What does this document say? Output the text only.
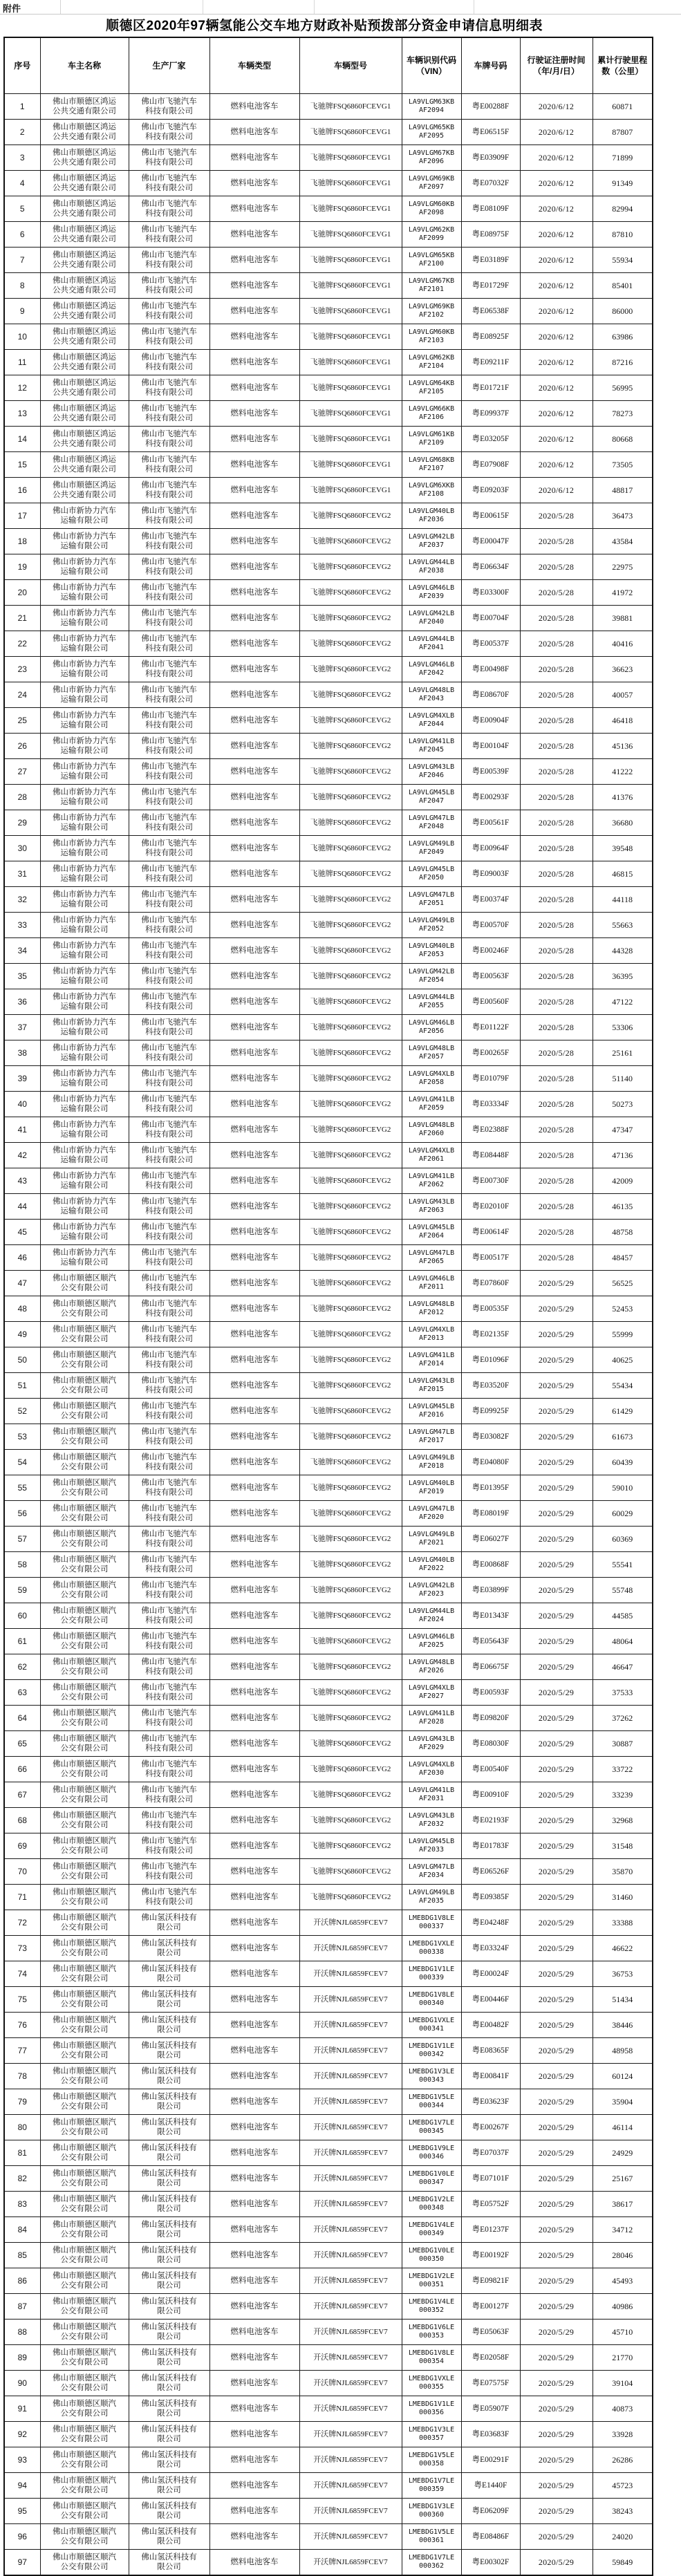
附件
顺德区2020年97辆氢能公交车地方财政补贴预拨部分资金申请信息明细表
序号	车主名称	生产厂家	车辆类型	车辆型号	车辆识别代码（VIN）	车牌号码	行驶证注册时间（年/月/日）	累计行驶里程数（公里）
1	佛山市顺德区鸿运公共交通有限公司	佛山市飞驰汽车科技有限公司	燃料电池客车	飞驰牌FSQ6860FCEVG1	LA9VLGM63KBAF2094	粤E00288F	2020/6/12	60871
2	佛山市顺德区鸿运公共交通有限公司	佛山市飞驰汽车科技有限公司	燃料电池客车	飞驰牌FSQ6860FCEVG1	LA9VLGM65KBAF2095	粤E06515F	2020/6/12	87807
3	佛山市顺德区鸿运公共交通有限公司	佛山市飞驰汽车科技有限公司	燃料电池客车	飞驰牌FSQ6860FCEVG1	LA9VLGM67KBAF2096	粤E03909F	2020/6/12	71899
4	佛山市顺德区鸿运公共交通有限公司	佛山市飞驰汽车科技有限公司	燃料电池客车	飞驰牌FSQ6860FCEVG1	LA9VLGM69KBAF2097	粤E07032F	2020/6/12	91349
5	佛山市顺德区鸿运公共交通有限公司	佛山市飞驰汽车科技有限公司	燃料电池客车	飞驰牌FSQ6860FCEVG1	LA9VLGM60KBAF2098	粤E08109F	2020/6/12	82994
6	佛山市顺德区鸿运公共交通有限公司	佛山市飞驰汽车科技有限公司	燃料电池客车	飞驰牌FSQ6860FCEVG1	LA9VLGM62KBAF2099	粤E08975F	2020/6/12	87810
7	佛山市顺德区鸿运公共交通有限公司	佛山市飞驰汽车科技有限公司	燃料电池客车	飞驰牌FSQ6860FCEVG1	LA9VLGM65KBAF2100	粤E03189F	2020/6/12	55934
8	佛山市顺德区鸿运公共交通有限公司	佛山市飞驰汽车科技有限公司	燃料电池客车	飞驰牌FSQ6860FCEVG1	LA9VLGM67KBAF2101	粤E01729F	2020/6/12	85401
9	佛山市顺德区鸿运公共交通有限公司	佛山市飞驰汽车科技有限公司	燃料电池客车	飞驰牌FSQ6860FCEVG1	LA9VLGM69KBAF2102	粤E06538F	2020/6/12	86000
10	佛山市顺德区鸿运公共交通有限公司	佛山市飞驰汽车科技有限公司	燃料电池客车	飞驰牌FSQ6860FCEVG1	LA9VLGM60KBAF2103	粤E08925F	2020/6/12	63986
11	佛山市顺德区鸿运公共交通有限公司	佛山市飞驰汽车科技有限公司	燃料电池客车	飞驰牌FSQ6860FCEVG1	LA9VLGM62KBAF2104	粤E09211F	2020/6/12	87216
12	佛山市顺德区鸿运公共交通有限公司	佛山市飞驰汽车科技有限公司	燃料电池客车	飞驰牌FSQ6860FCEVG1	LA9VLGM64KBAF2105	粤E01721F	2020/6/12	56995
13	佛山市顺德区鸿运公共交通有限公司	佛山市飞驰汽车科技有限公司	燃料电池客车	飞驰牌FSQ6860FCEVG1	LA9VLGM66KBAF2106	粤E09937F	2020/6/12	78273
14	佛山市顺德区鸿运公共交通有限公司	佛山市飞驰汽车科技有限公司	燃料电池客车	飞驰牌FSQ6860FCEVG1	LA9VLGM61KBAF2109	粤E03205F	2020/6/12	80668
15	佛山市顺德区鸿运公共交通有限公司	佛山市飞驰汽车科技有限公司	燃料电池客车	飞驰牌FSQ6860FCEVG1	LA9VLGM68KBAF2107	粤E07908F	2020/6/12	73505
16	佛山市顺德区鸿运公共交通有限公司	佛山市飞驰汽车科技有限公司	燃料电池客车	飞驰牌FSQ6860FCEVG1	LA9VLGM6XKBAF2108	粤E09203F	2020/6/12	48817
17	佛山市新协力汽车运输有限公司	佛山市飞驰汽车科技有限公司	燃料电池客车	飞驰牌FSQ6860FCEVG2	LA9VLGM40LBAF2036	粤E00615F	2020/5/28	36473
18	佛山市新协力汽车运输有限公司	佛山市飞驰汽车科技有限公司	燃料电池客车	飞驰牌FSQ6860FCEVG2	LA9VLGM42LBAF2037	粤E00047F	2020/5/28	43584
19	佛山市新协力汽车运输有限公司	佛山市飞驰汽车科技有限公司	燃料电池客车	飞驰牌FSQ6860FCEVG2	LA9VLGM44LBAF2038	粤E06634F	2020/5/28	22975
20	佛山市新协力汽车运输有限公司	佛山市飞驰汽车科技有限公司	燃料电池客车	飞驰牌FSQ6860FCEVG2	LA9VLGM46LBAF2039	粤E03300F	2020/5/28	41972
21	佛山市新协力汽车运输有限公司	佛山市飞驰汽车科技有限公司	燃料电池客车	飞驰牌FSQ6860FCEVG2	LA9VLGM42LBAF2040	粤E00704F	2020/5/28	39881
22	佛山市新协力汽车运输有限公司	佛山市飞驰汽车科技有限公司	燃料电池客车	飞驰牌FSQ6860FCEVG2	LA9VLGM44LBAF2041	粤E00537F	2020/5/28	40416
23	佛山市新协力汽车运输有限公司	佛山市飞驰汽车科技有限公司	燃料电池客车	飞驰牌FSQ6860FCEVG2	LA9VLGM46LBAF2042	粤E00498F	2020/5/28	36623
24	佛山市新协力汽车运输有限公司	佛山市飞驰汽车科技有限公司	燃料电池客车	飞驰牌FSQ6860FCEVG2	LA9VLGM48LBAF2043	粤E08670F	2020/5/28	40057
25	佛山市新协力汽车运输有限公司	佛山市飞驰汽车科技有限公司	燃料电池客车	飞驰牌FSQ6860FCEVG2	LA9VLGM4XLBAF2044	粤E00904F	2020/5/28	46418
26	佛山市新协力汽车运输有限公司	佛山市飞驰汽车科技有限公司	燃料电池客车	飞驰牌FSQ6860FCEVG2	LA9VLGM41LBAF2045	粤E00104F	2020/5/28	45136
27	佛山市新协力汽车运输有限公司	佛山市飞驰汽车科技有限公司	燃料电池客车	飞驰牌FSQ6860FCEVG2	LA9VLGM43LBAF2046	粤E00539F	2020/5/28	41222
28	佛山市新协力汽车运输有限公司	佛山市飞驰汽车科技有限公司	燃料电池客车	飞驰牌FSQ6860FCEVG2	LA9VLGM45LBAF2047	粤E00293F	2020/5/28	41376
29	佛山市新协力汽车运输有限公司	佛山市飞驰汽车科技有限公司	燃料电池客车	飞驰牌FSQ6860FCEVG2	LA9VLGM47LBAF2048	粤E00561F	2020/5/28	36680
30	佛山市新协力汽车运输有限公司	佛山市飞驰汽车科技有限公司	燃料电池客车	飞驰牌FSQ6860FCEVG2	LA9VLGM49LBAF2049	粤E00964F	2020/5/28	39548
31	佛山市新协力汽车运输有限公司	佛山市飞驰汽车科技有限公司	燃料电池客车	飞驰牌FSQ6860FCEVG2	LA9VLGM45LBAF2050	粤E09003F	2020/5/28	46815
32	佛山市新协力汽车运输有限公司	佛山市飞驰汽车科技有限公司	燃料电池客车	飞驰牌FSQ6860FCEVG2	LA9VLGM47LBAF2051	粤E00374F	2020/5/28	44118
33	佛山市新协力汽车运输有限公司	佛山市飞驰汽车科技有限公司	燃料电池客车	飞驰牌FSQ6860FCEVG2	LA9VLGM49LBAF2052	粤E00570F	2020/5/28	55663
34	佛山市新协力汽车运输有限公司	佛山市飞驰汽车科技有限公司	燃料电池客车	飞驰牌FSQ6860FCEVG2	LA9VLGM40LBAF2053	粤E00246F	2020/5/28	44328
35	佛山市新协力汽车运输有限公司	佛山市飞驰汽车科技有限公司	燃料电池客车	飞驰牌FSQ6860FCEVG2	LA9VLGM42LBAF2054	粤E00563F	2020/5/28	36395
36	佛山市新协力汽车运输有限公司	佛山市飞驰汽车科技有限公司	燃料电池客车	飞驰牌FSQ6860FCEVG2	LA9VLGM44LBAF2055	粤E00560F	2020/5/28	47122
37	佛山市新协力汽车运输有限公司	佛山市飞驰汽车科技有限公司	燃料电池客车	飞驰牌FSQ6860FCEVG2	LA9VLGM46LBAF2056	粤E01122F	2020/5/28	53306
38	佛山市新协力汽车运输有限公司	佛山市飞驰汽车科技有限公司	燃料电池客车	飞驰牌FSQ6860FCEVG2	LA9VLGM48LBAF2057	粤E00265F	2020/5/28	25161
39	佛山市新协力汽车运输有限公司	佛山市飞驰汽车科技有限公司	燃料电池客车	飞驰牌FSQ6860FCEVG2	LA9VLGM4XLBAF2058	粤E01079F	2020/5/28	51140
40	佛山市新协力汽车运输有限公司	佛山市飞驰汽车科技有限公司	燃料电池客车	飞驰牌FSQ6860FCEVG2	LA9VLGM41LBAF2059	粤E03334F	2020/5/28	50273
41	佛山市新协力汽车运输有限公司	佛山市飞驰汽车科技有限公司	燃料电池客车	飞驰牌FSQ6860FCEVG2	LA9VLGM48LBAF2060	粤E02388F	2020/5/28	47347
42	佛山市新协力汽车运输有限公司	佛山市飞驰汽车科技有限公司	燃料电池客车	飞驰牌FSQ6860FCEVG2	LA9VLGM4XLBAF2061	粤E08448F	2020/5/28	47136
43	佛山市新协力汽车运输有限公司	佛山市飞驰汽车科技有限公司	燃料电池客车	飞驰牌FSQ6860FCEVG2	LA9VLGM41LBAF2062	粤E00730F	2020/5/28	42009
44	佛山市新协力汽车运输有限公司	佛山市飞驰汽车科技有限公司	燃料电池客车	飞驰牌FSQ6860FCEVG2	LA9VLGM43LBAF2063	粤E02010F	2020/5/28	46135
45	佛山市新协力汽车运输有限公司	佛山市飞驰汽车科技有限公司	燃料电池客车	飞驰牌FSQ6860FCEVG2	LA9VLGM45LBAF2064	粤E00614F	2020/5/28	48758
46	佛山市新协力汽车运输有限公司	佛山市飞驰汽车科技有限公司	燃料电池客车	飞驰牌FSQ6860FCEVG2	LA9VLGM47LBAF2065	粤E00517F	2020/5/28	48457
47	佛山市顺德区顺汽公交有限公司	佛山市飞驰汽车科技有限公司	燃料电池客车	飞驰牌FSQ6860FCEVG2	LA9VLGM46LBAF2011	粤E07860F	2020/5/29	56525
48	佛山市顺德区顺汽公交有限公司	佛山市飞驰汽车科技有限公司	燃料电池客车	飞驰牌FSQ6860FCEVG2	LA9VLGM48LBAF2012	粤E00535F	2020/5/29	52453
49	佛山市顺德区顺汽公交有限公司	佛山市飞驰汽车科技有限公司	燃料电池客车	飞驰牌FSQ6860FCEVG2	LA9VLGM4XLBAF2013	粤E02135F	2020/5/29	55999
50	佛山市顺德区顺汽公交有限公司	佛山市飞驰汽车科技有限公司	燃料电池客车	飞驰牌FSQ6860FCEVG2	LA9VLGM41LBAF2014	粤E01096F	2020/5/29	40625
51	佛山市顺德区顺汽公交有限公司	佛山市飞驰汽车科技有限公司	燃料电池客车	飞驰牌FSQ6860FCEVG2	LA9VLGM43LBAF2015	粤E03520F	2020/5/29	55434
52	佛山市顺德区顺汽公交有限公司	佛山市飞驰汽车科技有限公司	燃料电池客车	飞驰牌FSQ6860FCEVG2	LA9VLGM45LBAF2016	粤E09925F	2020/5/29	61429
53	佛山市顺德区顺汽公交有限公司	佛山市飞驰汽车科技有限公司	燃料电池客车	飞驰牌FSQ6860FCEVG2	LA9VLGM47LBAF2017	粤E03082F	2020/5/29	61673
54	佛山市顺德区顺汽公交有限公司	佛山市飞驰汽车科技有限公司	燃料电池客车	飞驰牌FSQ6860FCEVG2	LA9VLGM49LBAF2018	粤E04080F	2020/5/29	60439
55	佛山市顺德区顺汽公交有限公司	佛山市飞驰汽车科技有限公司	燃料电池客车	飞驰牌FSQ6860FCEVG2	LA9VLGM40LBAF2019	粤E01395F	2020/5/29	59010
56	佛山市顺德区顺汽公交有限公司	佛山市飞驰汽车科技有限公司	燃料电池客车	飞驰牌FSQ6860FCEVG2	LA9VLGM47LBAF2020	粤E08019F	2020/5/29	60029
57	佛山市顺德区顺汽公交有限公司	佛山市飞驰汽车科技有限公司	燃料电池客车	飞驰牌FSQ6860FCEVG2	LA9VLGM49LBAF2021	粤E06027F	2020/5/29	60369
58	佛山市顺德区顺汽公交有限公司	佛山市飞驰汽车科技有限公司	燃料电池客车	飞驰牌FSQ6860FCEVG2	LA9VLGM40LBAF2022	粤E00868F	2020/5/29	55541
59	佛山市顺德区顺汽公交有限公司	佛山市飞驰汽车科技有限公司	燃料电池客车	飞驰牌FSQ6860FCEVG2	LA9VLGM42LBAF2023	粤E03899F	2020/5/29	55748
60	佛山市顺德区顺汽公交有限公司	佛山市飞驰汽车科技有限公司	燃料电池客车	飞驰牌FSQ6860FCEVG2	LA9VLGM44LBAF2024	粤E01343F	2020/5/29	44585
61	佛山市顺德区顺汽公交有限公司	佛山市飞驰汽车科技有限公司	燃料电池客车	飞驰牌FSQ6860FCEVG2	LA9VLGM46LBAF2025	粤E05643F	2020/5/29	48064
62	佛山市顺德区顺汽公交有限公司	佛山市飞驰汽车科技有限公司	燃料电池客车	飞驰牌FSQ6860FCEVG2	LA9VLGM48LBAF2026	粤E06675F	2020/5/29	46647
63	佛山市顺德区顺汽公交有限公司	佛山市飞驰汽车科技有限公司	燃料电池客车	飞驰牌FSQ6860FCEVG2	LA9VLGM4XLBAF2027	粤E00593F	2020/5/29	37533
64	佛山市顺德区顺汽公交有限公司	佛山市飞驰汽车科技有限公司	燃料电池客车	飞驰牌FSQ6860FCEVG2	LA9VLGM41LBAF2028	粤E09820F	2020/5/29	37262
65	佛山市顺德区顺汽公交有限公司	佛山市飞驰汽车科技有限公司	燃料电池客车	飞驰牌FSQ6860FCEVG2	LA9VLGM43LBAF2029	粤E08030F	2020/5/29	30887
66	佛山市顺德区顺汽公交有限公司	佛山市飞驰汽车科技有限公司	燃料电池客车	飞驰牌FSQ6860FCEVG2	LA9VLGM4XLBAF2030	粤E00540F	2020/5/29	33722
67	佛山市顺德区顺汽公交有限公司	佛山市飞驰汽车科技有限公司	燃料电池客车	飞驰牌FSQ6860FCEVG2	LA9VLGM41LBAF2031	粤E00910F	2020/5/29	33239
68	佛山市顺德区顺汽公交有限公司	佛山市飞驰汽车科技有限公司	燃料电池客车	飞驰牌FSQ6860FCEVG2	LA9VLGM43LBAF2032	粤E02193F	2020/5/29	32968
69	佛山市顺德区顺汽公交有限公司	佛山市飞驰汽车科技有限公司	燃料电池客车	飞驰牌FSQ6860FCEVG2	LA9VLGM45LBAF2033	粤E01783F	2020/5/29	31548
70	佛山市顺德区顺汽公交有限公司	佛山市飞驰汽车科技有限公司	燃料电池客车	飞驰牌FSQ6860FCEVG2	LA9VLGM47LBAF2034	粤E06526F	2020/5/29	35870
71	佛山市顺德区顺汽公交有限公司	佛山市飞驰汽车科技有限公司	燃料电池客车	飞驰牌FSQ6860FCEVG2	LA9VLGM49LBAF2035	粤E09385F	2020/5/29	31460
72	佛山市顺德区顺汽公交有限公司	佛山氢沃科技有限公司	燃料电池客车	开沃牌NJL6859FCEV7	LMEBDG1V8LE000337	粤E04248F	2020/5/29	33388
73	佛山市顺德区顺汽公交有限公司	佛山氢沃科技有限公司	燃料电池客车	开沃牌NJL6859FCEV7	LMEBDG1VXLE000338	粤E03324F	2020/5/29	46622
74	佛山市顺德区顺汽公交有限公司	佛山氢沃科技有限公司	燃料电池客车	开沃牌NJL6859FCEV7	LMEBDG1V1LE000339	粤E00024F	2020/5/29	36753
75	佛山市顺德区顺汽公交有限公司	佛山氢沃科技有限公司	燃料电池客车	开沃牌NJL6859FCEV7	LMEBDG1V8LE000340	粤E00446F	2020/5/29	51434
76	佛山市顺德区顺汽公交有限公司	佛山氢沃科技有限公司	燃料电池客车	开沃牌NJL6859FCEV7	LMEBDG1VXLE000341	粤E00482F	2020/5/29	38446
77	佛山市顺德区顺汽公交有限公司	佛山氢沃科技有限公司	燃料电池客车	开沃牌NJL6859FCEV7	LMEBDG1V1LE000342	粤E08365F	2020/5/29	48958
78	佛山市顺德区顺汽公交有限公司	佛山氢沃科技有限公司	燃料电池客车	开沃牌NJL6859FCEV7	LMEBDG1V3LE000343	粤E00841F	2020/5/29	60124
79	佛山市顺德区顺汽公交有限公司	佛山氢沃科技有限公司	燃料电池客车	开沃牌NJL6859FCEV7	LMEBDG1V5LE000344	粤E03623F	2020/5/29	35904
80	佛山市顺德区顺汽公交有限公司	佛山氢沃科技有限公司	燃料电池客车	开沃牌NJL6859FCEV7	LMEBDG1V7LE000345	粤E00267F	2020/5/29	46114
81	佛山市顺德区顺汽公交有限公司	佛山氢沃科技有限公司	燃料电池客车	开沃牌NJL6859FCEV7	LMEBDG1V9LE000346	粤E07037F	2020/5/29	24929
82	佛山市顺德区顺汽公交有限公司	佛山氢沃科技有限公司	燃料电池客车	开沃牌NJL6859FCEV7	LMEBDG1V0LE000347	粤E07101F	2020/5/29	25167
83	佛山市顺德区顺汽公交有限公司	佛山氢沃科技有限公司	燃料电池客车	开沃牌NJL6859FCEV7	LMEBDG1V2LE000348	粤E05752F	2020/5/29	38617
84	佛山市顺德区顺汽公交有限公司	佛山氢沃科技有限公司	燃料电池客车	开沃牌NJL6859FCEV7	LMEBDG1V4LE000349	粤E01237F	2020/5/29	34712
85	佛山市顺德区顺汽公交有限公司	佛山氢沃科技有限公司	燃料电池客车	开沃牌NJL6859FCEV7	LMEBDG1V0LE000350	粤E00192F	2020/5/29	28046
86	佛山市顺德区顺汽公交有限公司	佛山氢沃科技有限公司	燃料电池客车	开沃牌NJL6859FCEV7	LMEBDG1V2LE000351	粤E09821F	2020/5/29	45493
87	佛山市顺德区顺汽公交有限公司	佛山氢沃科技有限公司	燃料电池客车	开沃牌NJL6859FCEV7	LMEBDG1V4LE000352	粤E00127F	2020/5/29	40986
88	佛山市顺德区顺汽公交有限公司	佛山氢沃科技有限公司	燃料电池客车	开沃牌NJL6859FCEV7	LMEBDG1V6LE000353	粤E05063F	2020/5/29	45710
89	佛山市顺德区顺汽公交有限公司	佛山氢沃科技有限公司	燃料电池客车	开沃牌NJL6859FCEV7	LMEBDG1V8LE000354	粤E02058F	2020/5/29	21770
90	佛山市顺德区顺汽公交有限公司	佛山氢沃科技有限公司	燃料电池客车	开沃牌NJL6859FCEV7	LMEBDG1VXLE000355	粤E07575F	2020/5/29	39104
91	佛山市顺德区顺汽公交有限公司	佛山氢沃科技有限公司	燃料电池客车	开沃牌NJL6859FCEV7	LMEBDG1V1LE000356	粤E05907F	2020/5/29	40873
92	佛山市顺德区顺汽公交有限公司	佛山氢沃科技有限公司	燃料电池客车	开沃牌NJL6859FCEV7	LMEBDG1V3LE000357	粤E03683F	2020/5/29	33928
93	佛山市顺德区顺汽公交有限公司	佛山氢沃科技有限公司	燃料电池客车	开沃牌NJL6859FCEV7	LMEBDG1V5LE000358	粤E00291F	2020/5/29	26286
94	佛山市顺德区顺汽公交有限公司	佛山氢沃科技有限公司	燃料电池客车	开沃牌NJL6859FCEV7	LMEBDG1V7LE000359	粤E1440F	2020/5/29	45723
95	佛山市顺德区顺汽公交有限公司	佛山氢沃科技有限公司	燃料电池客车	开沃牌NJL6859FCEV7	LMEBDG1V3LE000360	粤E06209F	2020/5/29	38243
96	佛山市顺德区顺汽公交有限公司	佛山氢沃科技有限公司	燃料电池客车	开沃牌NJL6859FCEV7	LMEBDG1V5LE000361	粤E08486F	2020/5/29	24020
97	佛山市顺德区顺汽公交有限公司	佛山氢沃科技有限公司	燃料电池客车	开沃牌NJL6859FCEV7	LMEBDG1V7LE000362	粤E00302F	2020/5/29	59849
